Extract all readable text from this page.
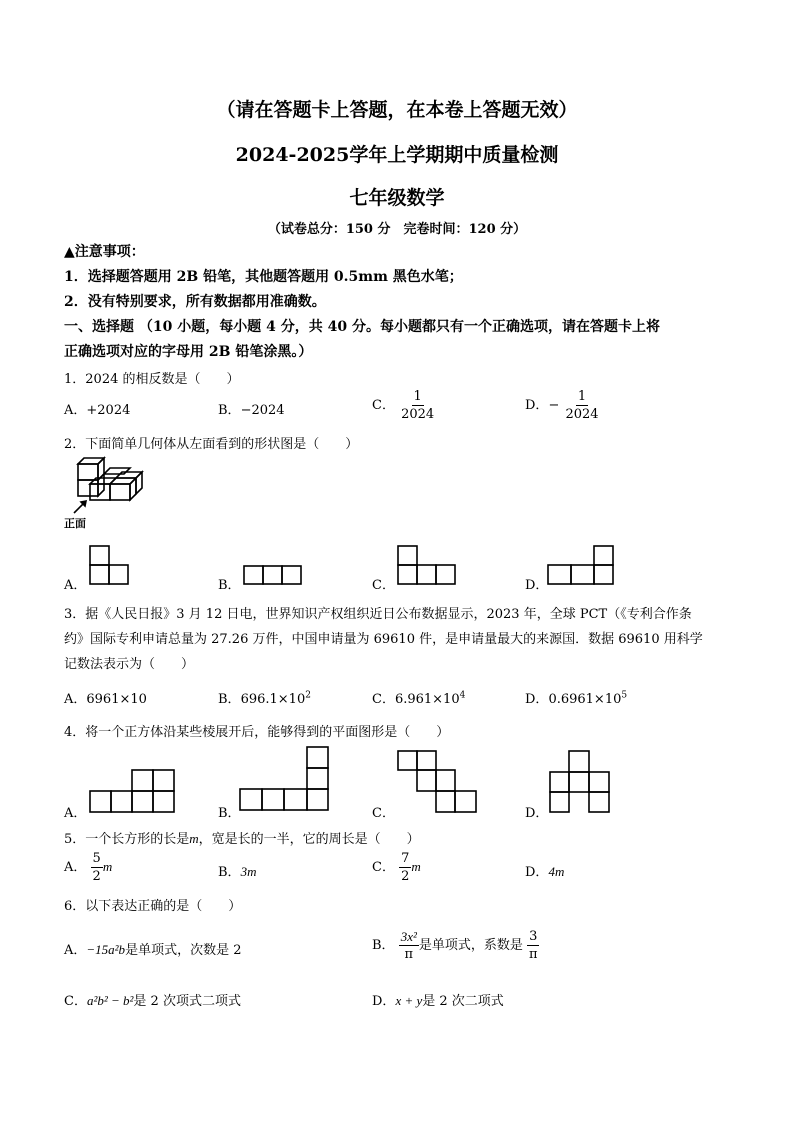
（请在答题卡上答题，在本卷上答题无效）
2024-2025学年上学期期中质量检测
七年级数学
（试卷总分：150 分　完卷时间：120 分）
▲注意事项：
1．选择题答题用 2B 铅笔，其他题答题用 0.5mm 黑色水笔；
2．没有特别要求，所有数据都用准确数。
一、选择题 （10 小题，每小题 4 分，共 40 分。每小题都只有一个正确选项，请在答题卡上将
正确选项对应的字母用 2B 铅笔涂黑。）
1．2024 的相反数是（　　）
A．+2024	B．−2024	C． $\frac{1}{2024}$	D．− $\frac{1}{2024}$
2．下面简单几何体从左面看到的形状图是（　　）
正面
A．	B．	C．	D．
3．据《人民日报》3 月 12 日电，世界知识产权组织近日公布数据显示，2023 年，全球 PCT（《专利合作条
约》国际专利申请总量为 27.26 万件，中国申请量为 69610 件，是申请量最大的来源国．数据 69610 用科学
记数法表示为（　　）
A．6961×10	B．$696.1\times 10^2$	C．$6.961\times 10^4$	D．$0.6961\times 10^5$
4．将一个正方体沿某些棱展开后，能够得到的平面图形是（　　）
A．	B．	C．	D．
5．一个长方形的长是m，宽是长的一半，它的周长是（　　）
A． $\frac{5}{2}$ m	B．3m	C． $\frac{7}{2}$ m	D．4m
6．以下表达正确的是（　　）
A．−15a²b是单项式，次数是 2	B． $\frac{\text{3x²}}{\pi}$ 是单项式，系数是 $\frac{3}{\pi}$
C．a²b² − b²是 2 次项式二项式	D．x + y是 2 次二项式
